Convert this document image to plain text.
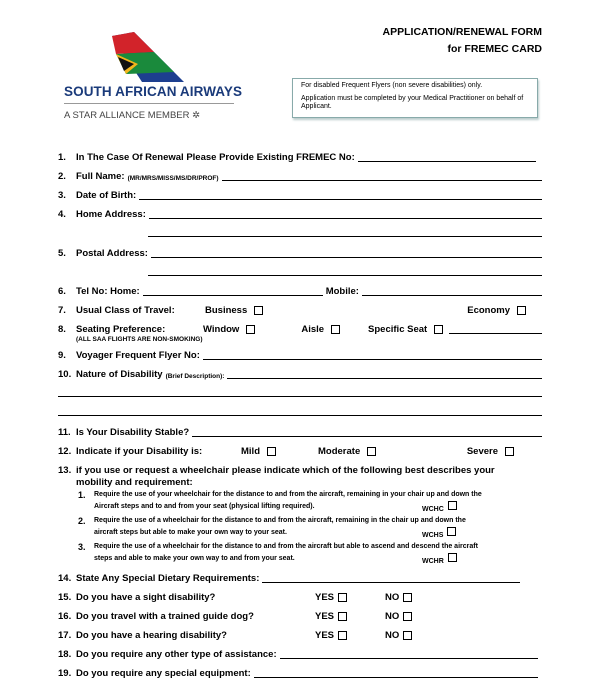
SOUTH AFRICAN AIRWAYS
A STAR ALLIANCE MEMBER ✲
APPLICATION/RENEWAL FORM
for FREMEC CARD

For disabled Frequent Flyers (non severe disabilities) only.

Application must be completed by your Medical Practitioner on behalf of Applicant.

1.	In The Case Of Renewal Please Provide Existing FREMEC No:
2.	Full Name: (MR/MRS/MISS/MS/DR/PROF)
3.	Date of Birth:
4.	Home Address:
5.	Postal Address:
6.	Tel No: Home:	Mobile:
7.	Usual Class of Travel:	Business	Economy
8.	Seating Preference:	Window	Aisle	Specific Seat
(ALL SAA FLIGHTS ARE NON-SMOKING)
9.	Voyager Frequent Flyer No:
10. Nature of Disability (Brief Description):
11. Is Your Disability Stable?
12. Indicate if your Disability is:	Mild	Moderate	Severe
13. if you use or request a wheelchair please indicate which of the following best describes your
mobility and requirement:
1. Require the use of your wheelchair for the distance to and from the aircraft, remaining in your chair up and down the
Aircraft steps and to and from your seat (physical lifting required).	WCHC
2. Require the use of a wheelchair for the distance to and from the aircraft, remaining in the chair up and down the
aircraft steps but able to make your own way to your seat.	WCHS
3. Require the use of a wheelchair for the distance to and from the aircraft but able to ascend and descend the aircraft
steps and able to make your own way to and from your seat.	WCHR
14. State Any Special Dietary Requirements:
15. Do you have a sight disability?	YES	NO
16. Do you travel with a trained guide dog?	YES	NO
17. Do you have a hearing disability?	YES	NO
18. Do you require any other type of assistance:
19. Do you require any special equipment:
